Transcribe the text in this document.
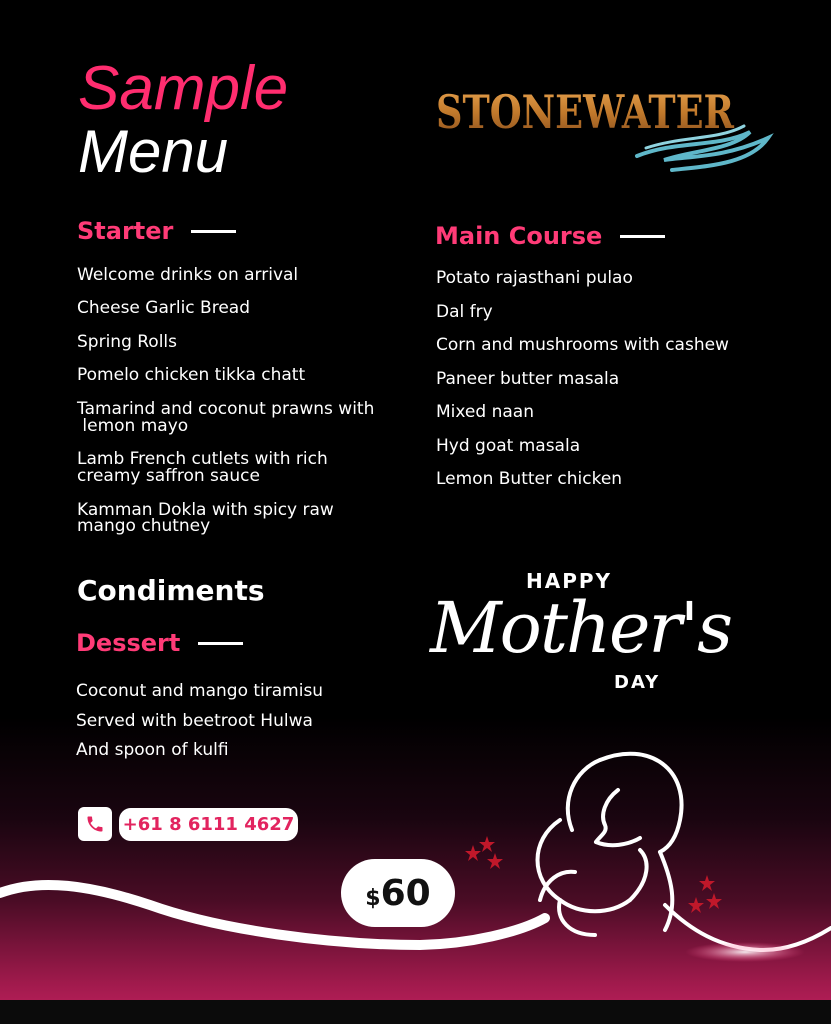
Sample
Menu
STONEWATER
Starter
Welcome drinks on arrival
Cheese Garlic Bread
Spring Rolls
Pomelo chicken tikka chatt
Tamarind and coconut prawns with
lemon mayo
Lamb French cutlets with rich
creamy saffron sauce
Kamman Dokla with spicy raw
mango chutney
Main Course
Potato rajasthani pulao
Dal fry
Corn and mushrooms with cashew
Paneer butter masala
Mixed naan
Hyd goat masala
Lemon Butter chicken
Condiments
Dessert
Coconut and mango tiramisu
Served with beetroot Hulwa
And spoon of kulfi
HAPPY
Mother's
DAY
+61 8 6111 4627
$ 60
